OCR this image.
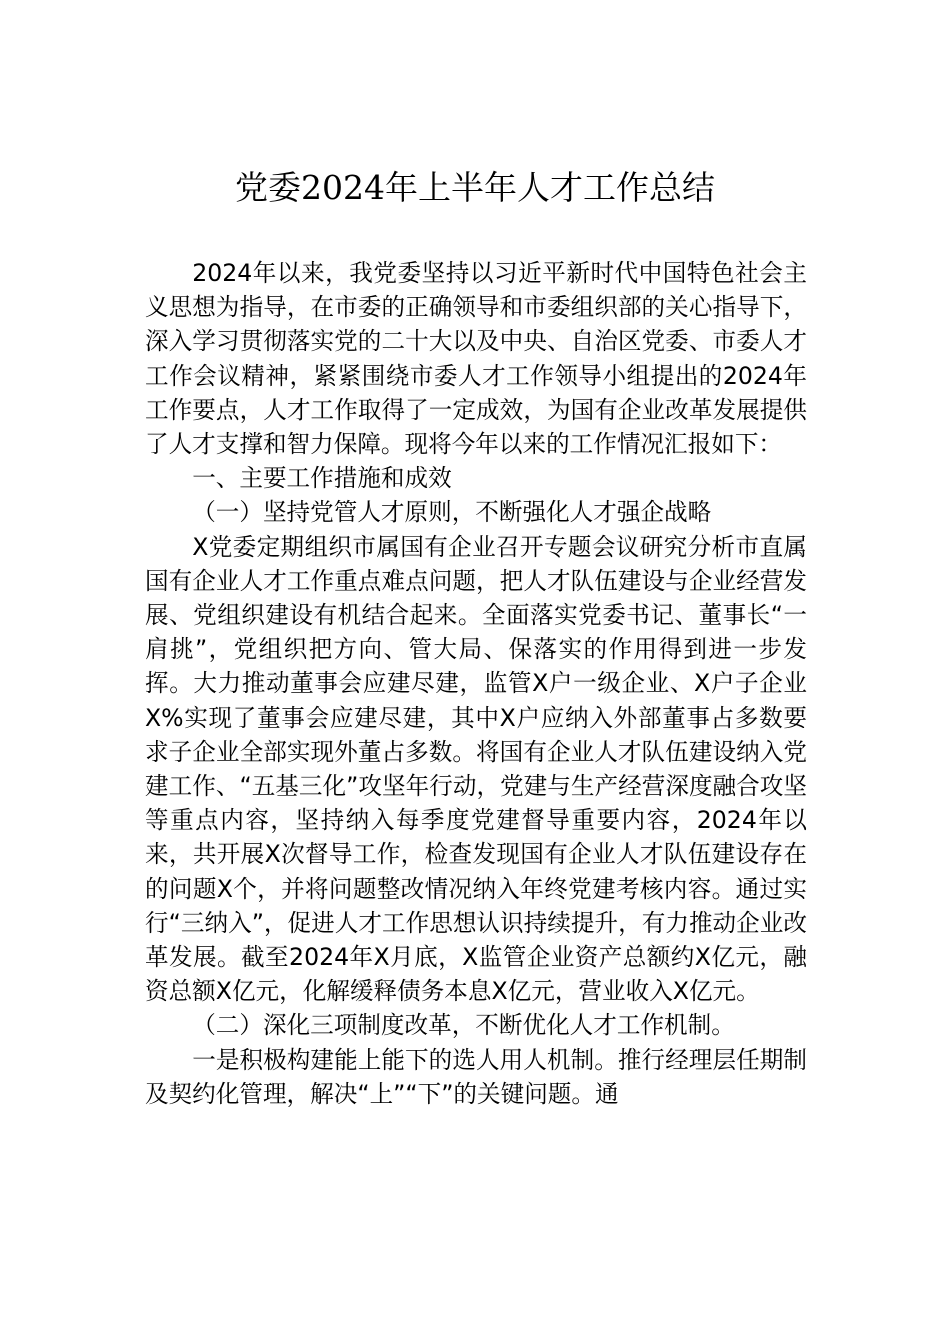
党委2024年上半年人才工作总结

2024年以来，我党委坚持以习近平新时代中国特色社会主义思想为指导，在市委的正确领导和市委组织部的关心指导下，深入学习贯彻落实党的二十大以及中央、自治区党委、市委人才工作会议精神，紧紧围绕市委人才工作领导小组提出的2024年工作要点，人才工作取得了一定成效，为国有企业改革发展提供了人才支撑和智力保障。现将今年以来的工作情况汇报如下：

一、主要工作措施和成效

（一）坚持党管人才原则，不断强化人才强企战略

X党委定期组织市属国有企业召开专题会议研究分析市直属国有企业人才工作重点难点问题，把人才队伍建设与企业经营发展、党组织建设有机结合起来。全面落实党委书记、董事长“一肩挑”，党组织把方向、管大局、保落实的作用得到进一步发挥。大力推动董事会应建尽建，监管X户一级企业、X户子企业X%实现了董事会应建尽建，其中X户应纳入外部董事占多数要求子企业全部实现外董占多数。将国有企业人才队伍建设纳入党建工作、“五基三化”攻坚年行动，党建与生产经营深度融合攻坚等重点内容，坚持纳入每季度党建督导重要内容，2024年以来，共开展X次督导工作，检查发现国有企业人才队伍建设存在的问题X个，并将问题整改情况纳入年终党建考核内容。通过实行“三纳入”，促进人才工作思想认识持续提升，有力推动企业改革发展。截至2024年X月底，X监管企业资产总额约X亿元，融资总额X亿元，化解缓释债务本息X亿元，营业收入X亿元。

（二）深化三项制度改革，不断优化人才工作机制。

一是积极构建能上能下的选人用人机制。推行经理层任期制及契约化管理，解决“上”“下”的关键问题。通
